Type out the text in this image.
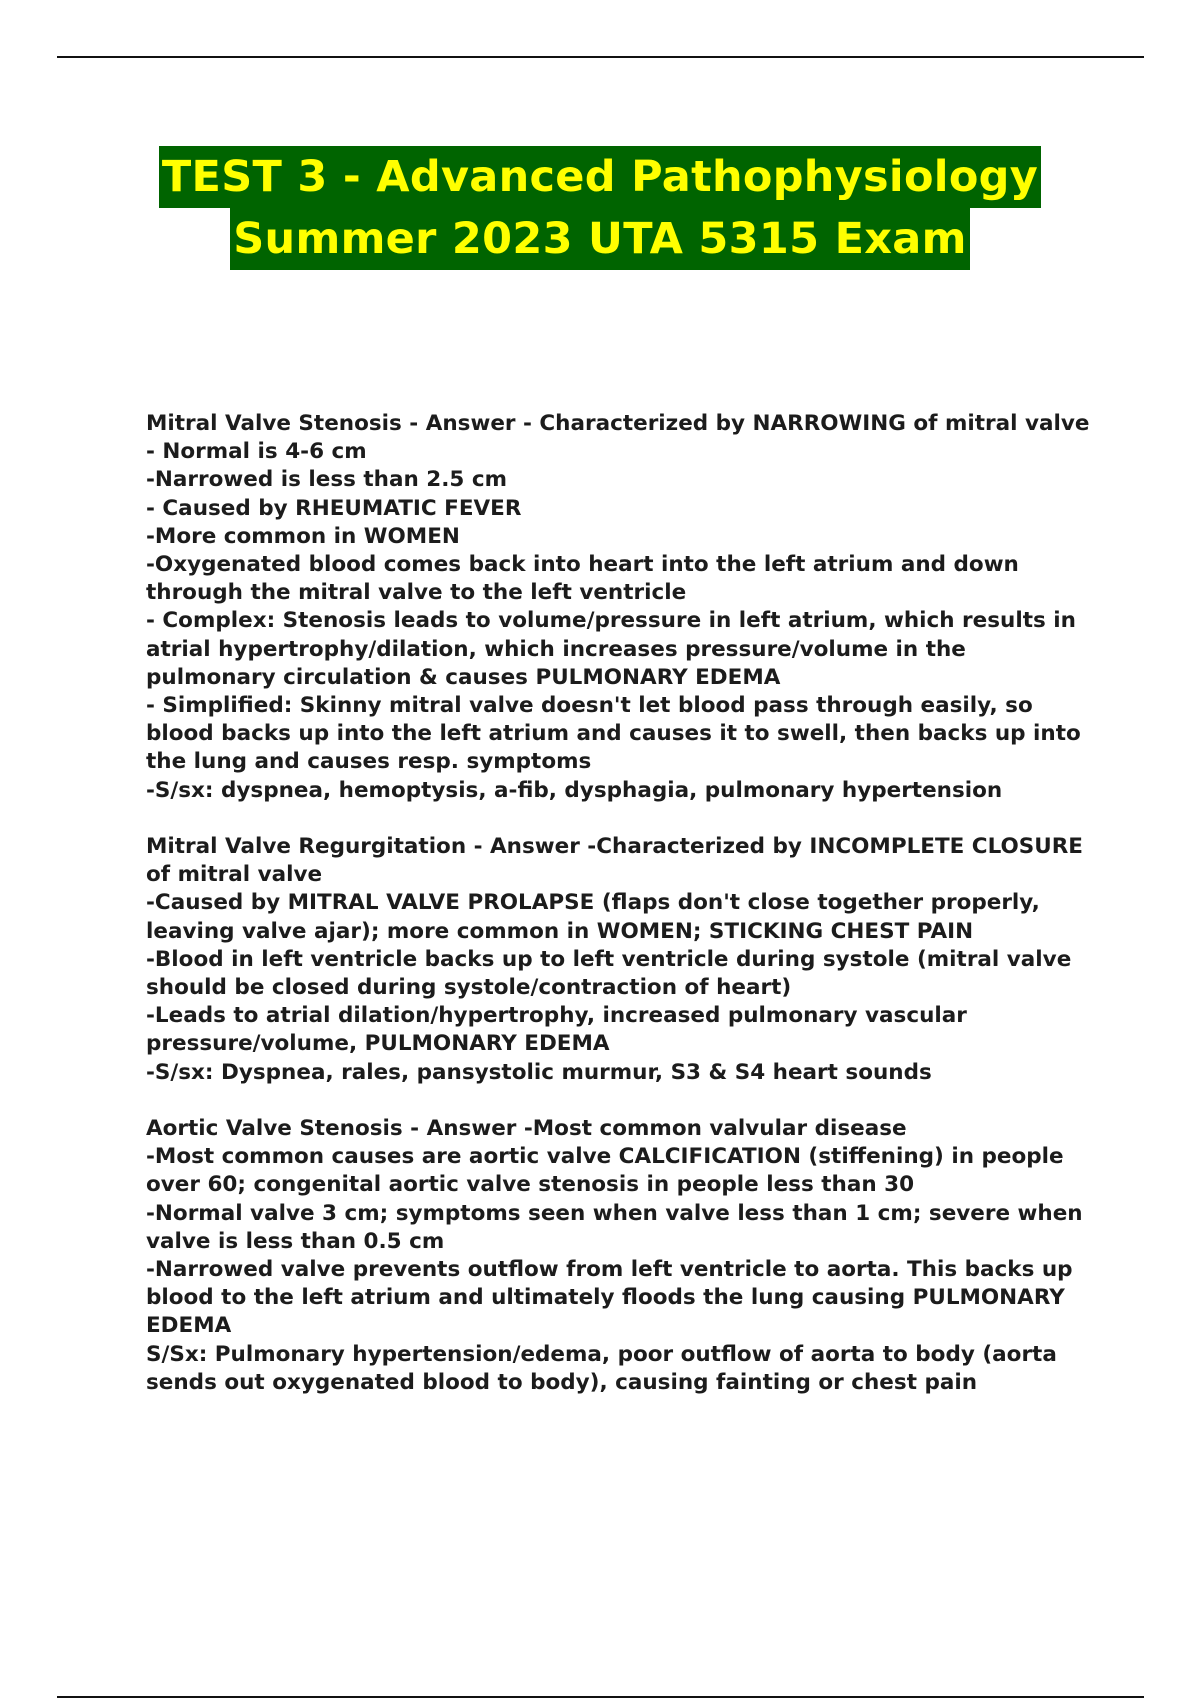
TEST 3 - Advanced Pathophysiology
Summer 2023 UTA 5315 Exam
Mitral Valve Stenosis - Answer - Characterized by NARROWING of mitral valve
- Normal is 4-6 cm
-Narrowed is less than 2.5 cm
- Caused by RHEUMATIC FEVER
-More common in WOMEN
-Oxygenated blood comes back into heart into the left atrium and down through the mitral valve to the left ventricle
- Complex: Stenosis leads to volume/pressure in left atrium, which results in atrial hypertrophy/dilation, which increases pressure/volume in the pulmonary circulation & causes PULMONARY EDEMA
- Simplified: Skinny mitral valve doesn't let blood pass through easily, so blood backs up into the left atrium and causes it to swell, then backs up into the lung and causes resp. symptoms
-S/sx: dyspnea, hemoptysis, a-fib, dysphagia, pulmonary hypertension
Mitral Valve Regurgitation - Answer -Characterized by INCOMPLETE CLOSURE of mitral valve
-Caused by MITRAL VALVE PROLAPSE (flaps don't close together properly, leaving valve ajar); more common in WOMEN; STICKING CHEST PAIN
-Blood in left ventricle backs up to left ventricle during systole (mitral valve should be closed during systole/contraction of heart)
-Leads to atrial dilation/hypertrophy, increased pulmonary vascular pressure/volume, PULMONARY EDEMA
-S/sx: Dyspnea, rales, pansystolic murmur, S3 & S4 heart sounds
Aortic Valve Stenosis - Answer -Most common valvular disease
-Most common causes are aortic valve CALCIFICATION (stiffening) in people over 60; congenital aortic valve stenosis in people less than 30
-Normal valve 3 cm; symptoms seen when valve less than 1 cm; severe when valve is less than 0.5 cm
-Narrowed valve prevents outflow from left ventricle to aorta. This backs up blood to the left atrium and ultimately floods the lung causing PULMONARY EDEMA
S/Sx: Pulmonary hypertension/edema, poor outflow of aorta to body (aorta sends out oxygenated blood to body), causing fainting or chest pain
